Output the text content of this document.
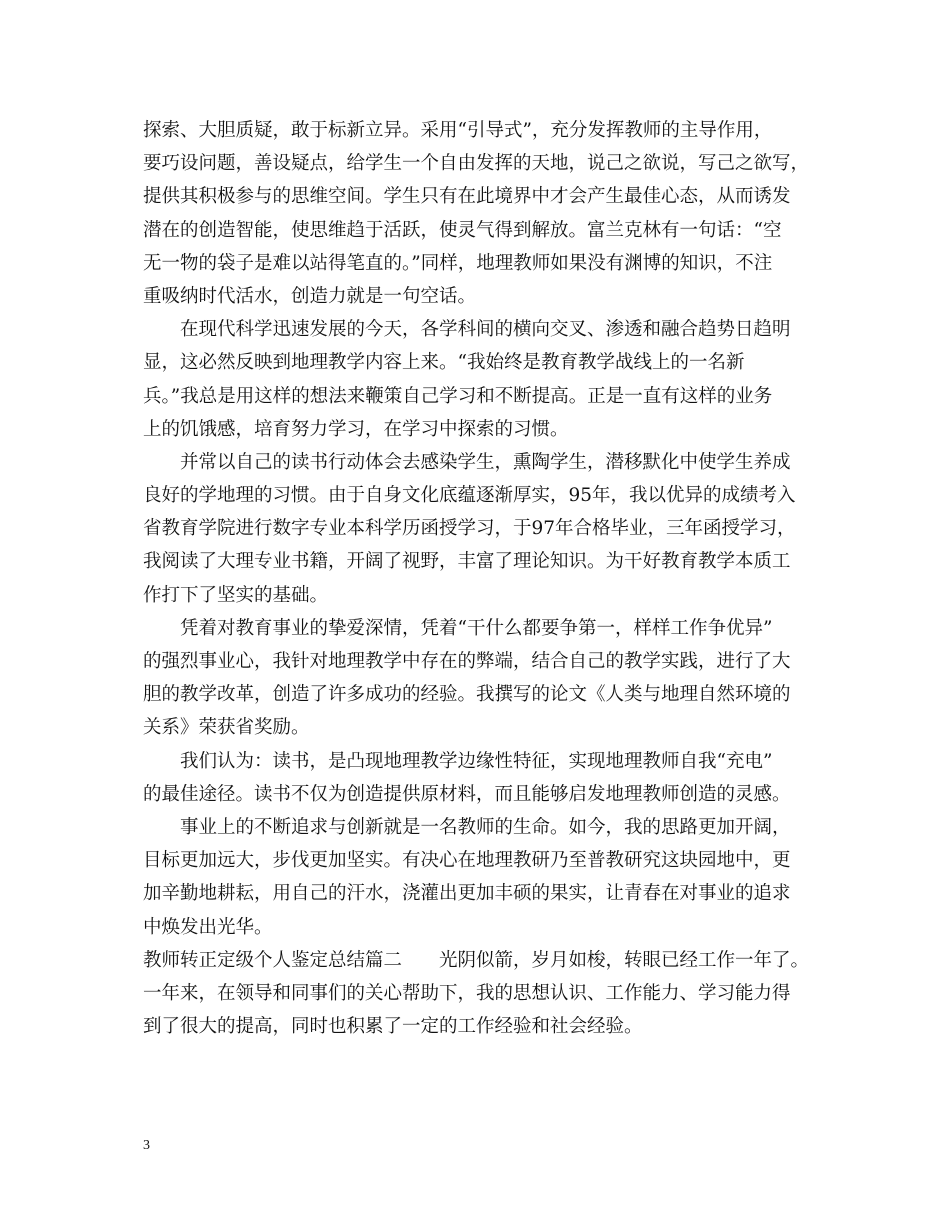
探索、大胆质疑，敢于标新立异。采用“引导式”，充分发挥教师的主导作用，
要巧设问题，善设疑点，给学生一个自由发挥的天地，说己之欲说，写己之欲写，
提供其积极参与的思维空间。学生只有在此境界中才会产生最佳心态，从而诱发
潜在的创造智能，使思维趋于活跃，使灵气得到解放。富兰克林有一句话：“空
无一物的袋子是难以站得笔直的。”同样，地理教师如果没有渊博的知识，不注
重吸纳时代活水，创造力就是一句空话。
在现代科学迅速发展的今天，各学科间的横向交叉、渗透和融合趋势日趋明
显，这必然反映到地理教学内容上来。“我始终是教育教学战线上的一名新
兵。”我总是用这样的想法来鞭策自己学习和不断提高。正是一直有这样的业务
上的饥饿感，培育努力学习，在学习中探索的习惯。
并常以自己的读书行动体会去感染学生，熏陶学生，潜移默化中使学生养成
良好的学地理的习惯。由于自身文化底蕴逐渐厚实，95年，我以优异的成绩考入
省教育学院进行数字专业本科学历函授学习，于97年合格毕业，三年函授学习，
我阅读了大理专业书籍，开阔了视野，丰富了理论知识。为干好教育教学本质工
作打下了坚实的基础。
凭着对教育事业的挚爱深情，凭着“干什么都要争第一，样样工作争优异”
的强烈事业心，我针对地理教学中存在的弊端，结合自己的教学实践，进行了大
胆的教学改革，创造了许多成功的经验。我撰写的论文《人类与地理自然环境的
关系》荣获省奖励。
我们认为：读书，是凸现地理教学边缘性特征，实现地理教师自我“充电”
的最佳途径。读书不仅为创造提供原材料，而且能够启发地理教师创造的灵感。
事业上的不断追求与创新就是一名教师的生命。如今，我的思路更加开阔，
目标更加远大，步伐更加坚实。有决心在地理教研乃至普教研究这块园地中，更
加辛勤地耕耘，用自己的汗水，浇灌出更加丰硕的果实，让青春在对事业的追求
中焕发出光华。
教师转正定级个人鉴定总结篇二　　光阴似箭，岁月如梭，转眼已经工作一年了。
一年来，在领导和同事们的关心帮助下，我的思想认识、工作能力、学习能力得
到了很大的提高，同时也积累了一定的工作经验和社会经验。
3
